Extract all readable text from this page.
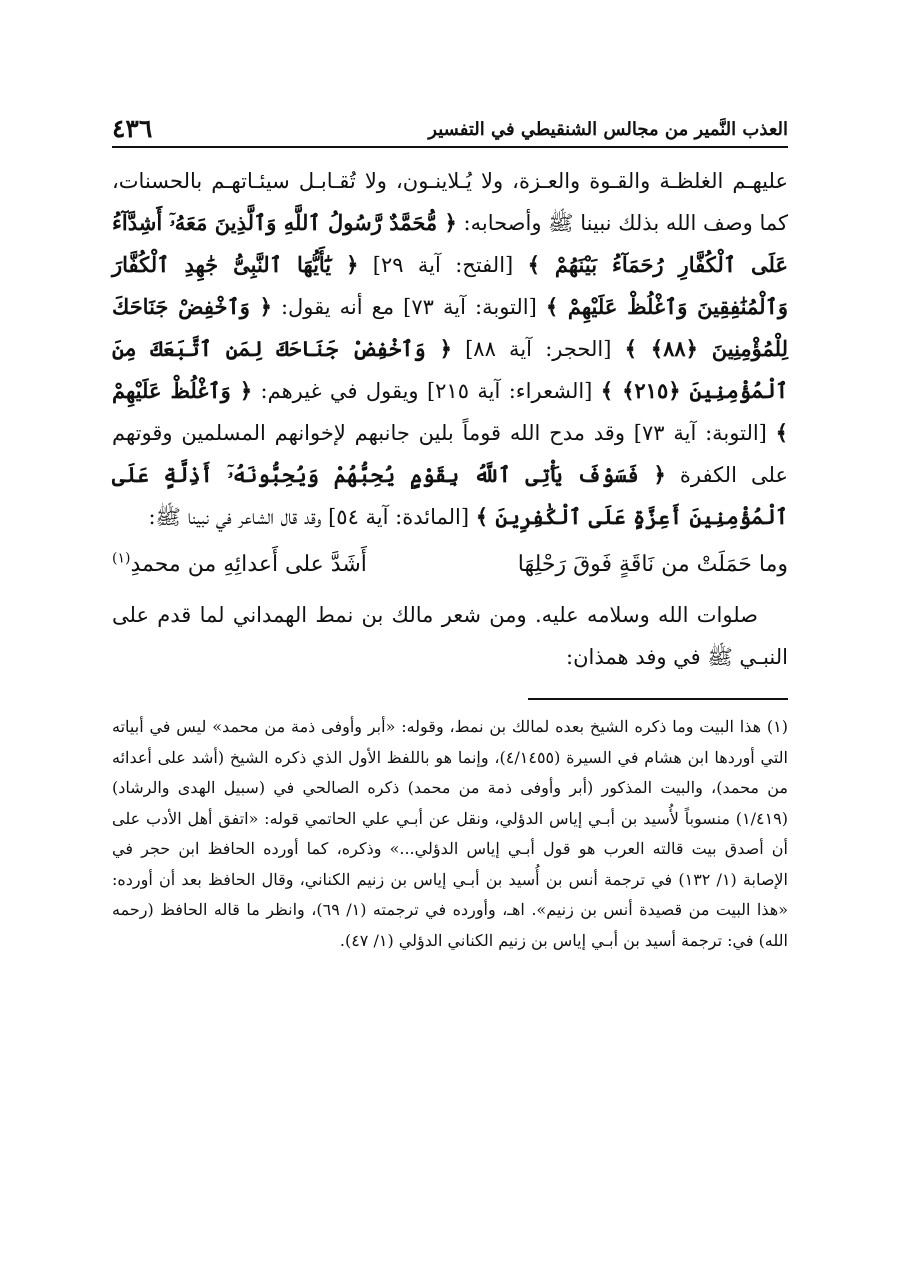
العذب النَّمير من مجالس الشنقيطي في التفسير
٤٣٦

عليهـم الغلظـة والقـوة والعـزة، ولا يُـلاينـون، ولا تُقـابـل سيئـاتهـم بالحسنات، كما وصف الله بذلك نبينا ﷺ وأصحابه: ﴿ مُّحَمَّدٌ رَّسُولُ ٱللَّهِ وَٱلَّذِينَ مَعَهُۥٓ أَشِدَّآءُ عَلَى ٱلْكُفَّارِ رُحَمَآءُ بَيْنَهُمْ ﴾ [الفتح: آية ٢٩] ﴿ يَٰٓأَيُّهَا ٱلنَّبِىُّ جَٰهِدِ ٱلْكُفَّارَ وَٱلْمُنَٰفِقِينَ وَٱغْلُظْ عَلَيْهِمْ ﴾ [التوبة: آية ٧٣] مع أنه يقول: ﴿ وَٱخْفِضْ جَنَاحَكَ لِلْمُؤْمِنِينَ ﴿٨٨﴾ ﴾ [الحجر: آية ٨٨] ﴿ وَٱخْفِضْ جَنَاحَكَ لِمَنِ ٱتَّبَعَكَ مِنَ ٱلْمُؤْمِنِينَ ﴿٢١٥﴾ ﴾ [الشعراء: آية ٢١٥] ويقول في غيرهم: ﴿ وَٱغْلُظْ عَلَيْهِمْ ﴾ [التوبة: آية ٧٣] وقد مدح الله قوماً بلين جانبهم لإخوانهم المسلمين وقوتهم على الكفرة ﴿ فَسَوْفَ يَأْتِى ٱللَّهُ بِقَوْمٍ يُحِبُّهُمْ وَيُحِبُّونَهُۥٓ أَذِلَّةٍ عَلَى ٱلْمُؤْمِنِينَ أَعِزَّةٍ عَلَى ٱلْكَٰفِرِينَ ﴾ [المائدة: آية ٥٤] وقد قال الشاعر في نبينا ﷺ:

وما حَمَلَتْ من نَاقَةٍ فَوقَ رَحْلِهَا
أَشَدَّ على أَعدائِهِ من محمدِ$^{(١)}$

صلوات الله وسلامه عليه. ومن شعر مالك بن نمط الهمداني لما قدم على النبـي ﷺ في وفد همذان:

(١) هذا البيت وما ذكره الشيخ بعده لمالك بن نمط، وقوله: «أبر وأوفى ذمة من محمد» ليس في أبياته التي أوردها ابن هشام في السيرة (٤/١٤٥٥)، وإنما هو باللفظ الأول الذي ذكره الشيخ (أشد على أعدائه من محمد)، والبيت المذكور (أبر وأوفى ذمة من محمد) ذكره الصالحي في (سبيل الهدى والرشاد) (١/٤١٩) منسوباً لأُسيد بن أبـي إياس الدؤلي، ونقل عن أبـي علي الحاتمي قوله: «اتفق أهل الأدب على أن أصدق بيت قالته العرب هو قول أبـي إياس الدؤلي...» وذكره، كما أورده الحافظ ابن حجر في الإصابة (١/ ١٣٢) في ترجمة أنس بن أُسيد بن أبـي إياس بن زنيم الكناني، وقال الحافظ بعد أن أورده: «هذا البيت من قصيدة أنس بن زنيم». اهـ، وأورده في ترجمته (١/ ٦٩)، وانظر ما قاله الحافظ (رحمه الله) في: ترجمة أسيد بن أبـي إياس بن زنيم الكناني الدؤلي (١/ ٤٧).
